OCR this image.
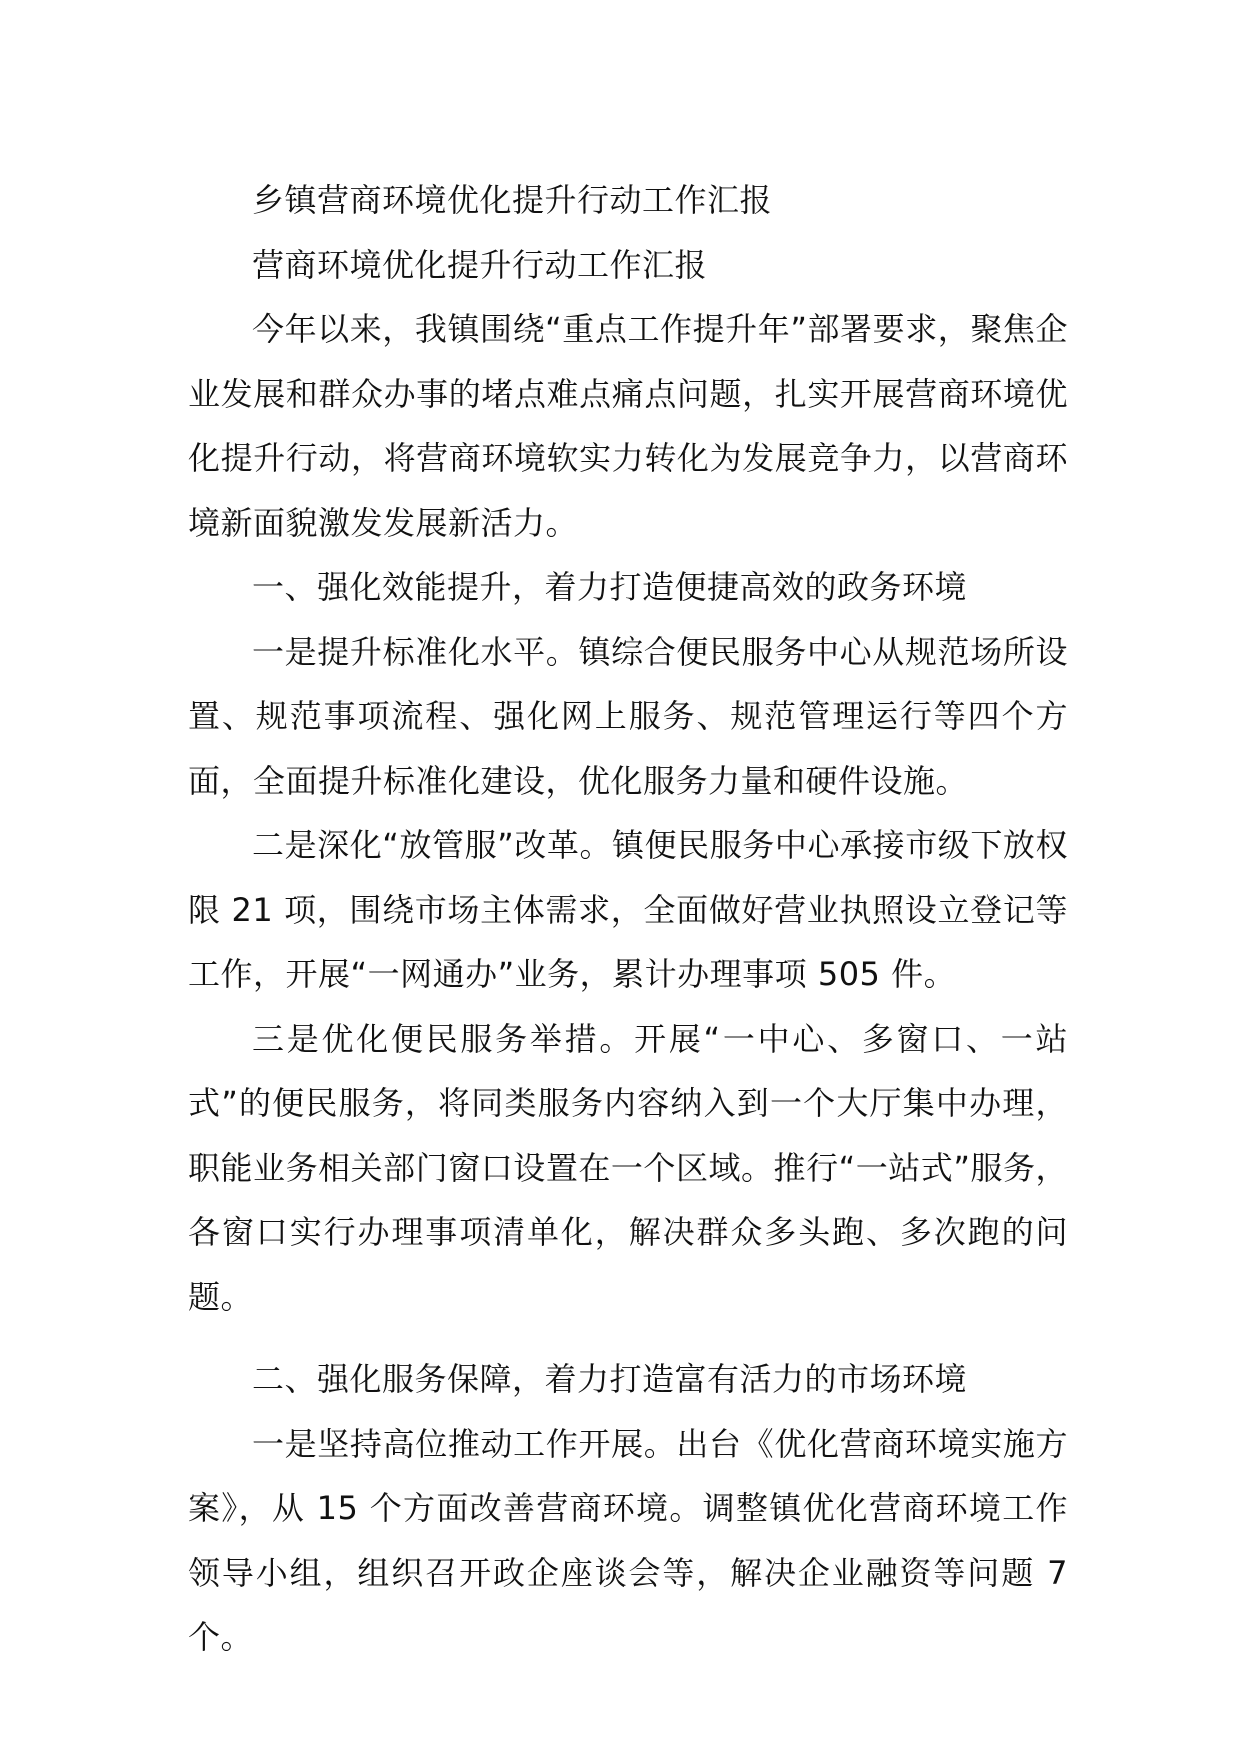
乡镇营商环境优化提升行动工作汇报

营商环境优化提升行动工作汇报

今年以来，我镇围绕“重点工作提升年”部署要求，聚焦企业发展和群众办事的堵点难点痛点问题，扎实开展营商环境优化提升行动，将营商环境软实力转化为发展竞争力，以营商环境新面貌激发发展新活力。

一、强化效能提升，着力打造便捷高效的政务环境

一是提升标准化水平。镇综合便民服务中心从规范场所设置、规范事项流程、强化网上服务、规范管理运行等四个方面，全面提升标准化建设，优化服务力量和硬件设施。

二是深化“放管服”改革。镇便民服务中心承接市级下放权限 21 项，围绕市场主体需求，全面做好营业执照设立登记等工作，开展“一网通办”业务，累计办理事项 505 件。

三是优化便民服务举措。开展“一中心、多窗口、一站式”的便民服务，将同类服务内容纳入到一个大厅集中办理，职能业务相关部门窗口设置在一个区域。推行“一站式”服务，各窗口实行办理事项清单化，解决群众多头跑、多次跑的问题。

二、强化服务保障，着力打造富有活力的市场环境

一是坚持高位推动工作开展。出台《优化营商环境实施方案》，从 15 个方面改善营商环境。调整镇优化营商环境工作领导小组，组织召开政企座谈会等，解决企业融资等问题 7 个。
